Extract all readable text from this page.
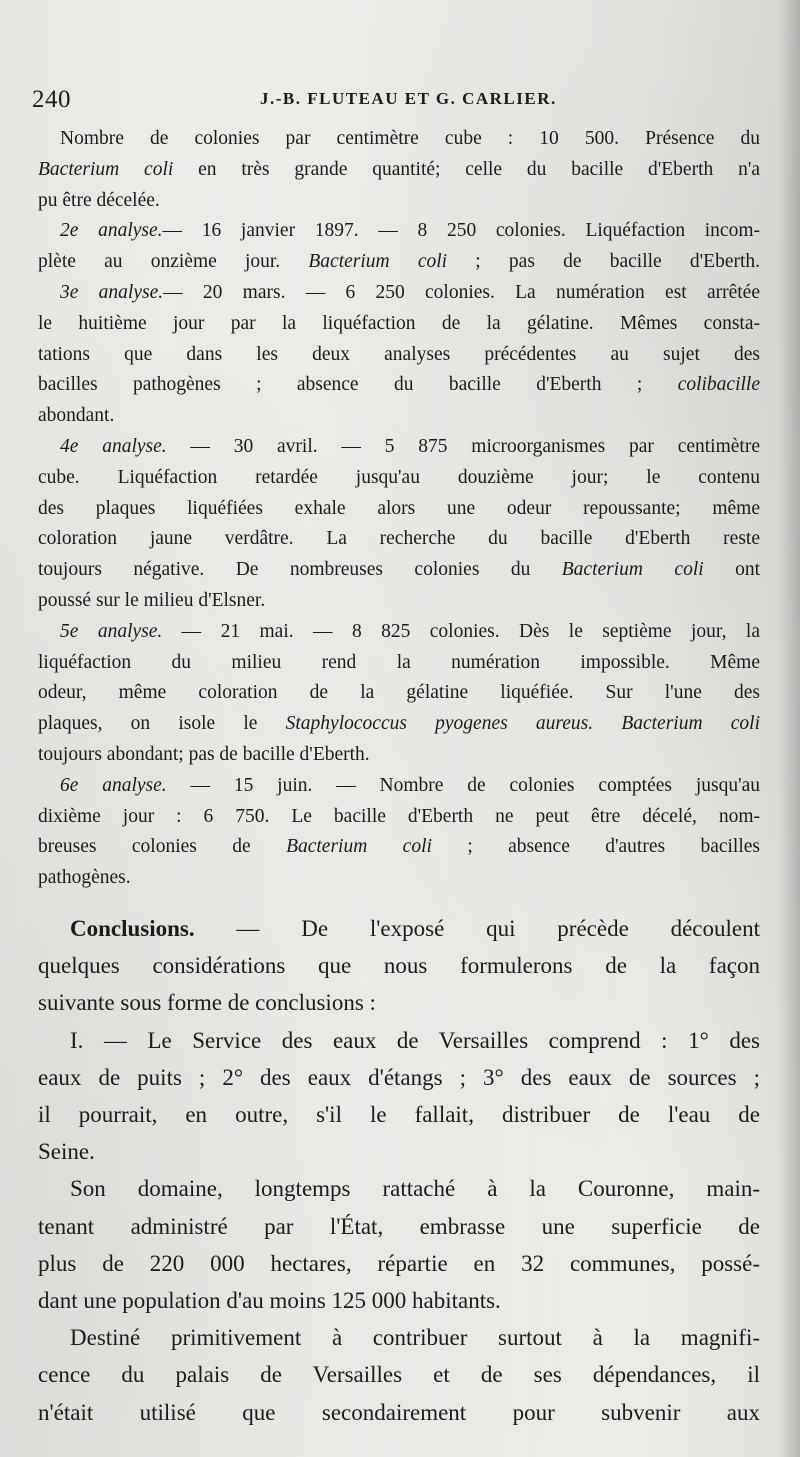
240	J.-B. FLUTEAU ET G. CARLIER.
Nombre de colonies par centimètre cube : 10 500. Présence du
Bacterium coli en très grande quantité; celle du bacille d'Eberth n'a
pu être décelée.
2e analyse.— 16 janvier 1897. — 8 250 colonies. Liquéfaction incom-
plète au onzième jour. Bacterium coli ; pas de bacille d'Eberth.
3e analyse.— 20 mars. — 6 250 colonies. La numération est arrêtée
le huitième jour par la liquéfaction de la gélatine. Mêmes consta-
tations que dans les deux analyses précédentes au sujet des
bacilles pathogènes ; absence du bacille d'Eberth ; colibacille
abondant.
4e analyse. — 30 avril. — 5 875 microorganismes par centimètre
cube. Liquéfaction retardée jusqu'au douzième jour; le contenu
des plaques liquéfiées exhale alors une odeur repoussante; même
coloration jaune verdâtre. La recherche du bacille d'Eberth reste
toujours négative. De nombreuses colonies du Bacterium coli ont
poussé sur le milieu d'Elsner.
5e analyse. — 21 mai. — 8 825 colonies. Dès le septième jour, la
liquéfaction du milieu rend la numération impossible. Même
odeur, même coloration de la gélatine liquéfiée. Sur l'une des
plaques, on isole le Staphylococcus pyogenes aureus. Bacterium coli
toujours abondant; pas de bacille d'Eberth.
6e analyse. — 15 juin. — Nombre de colonies comptées jusqu'au
dixième jour : 6 750. Le bacille d'Eberth ne peut être décelé, nom-
breuses colonies de Bacterium coli ; absence d'autres bacilles
pathogènes.
Conclusions. — De l'exposé qui précède découlent
quelques considérations que nous formulerons de la façon
suivante sous forme de conclusions :
I. — Le Service des eaux de Versailles comprend : 1° des
eaux de puits ; 2° des eaux d'étangs ; 3° des eaux de sources ;
il pourrait, en outre, s'il le fallait, distribuer de l'eau de
Seine.
Son domaine, longtemps rattaché à la Couronne, main-
tenant administré par l'État, embrasse une superficie de
plus de 220 000 hectares, répartie en 32 communes, possé-
dant une population d'au moins 125 000 habitants.
Destiné primitivement à contribuer surtout à la magnifi-
cence du palais de Versailles et de ses dépendances, il
n'était utilisé que secondairement pour subvenir aux
